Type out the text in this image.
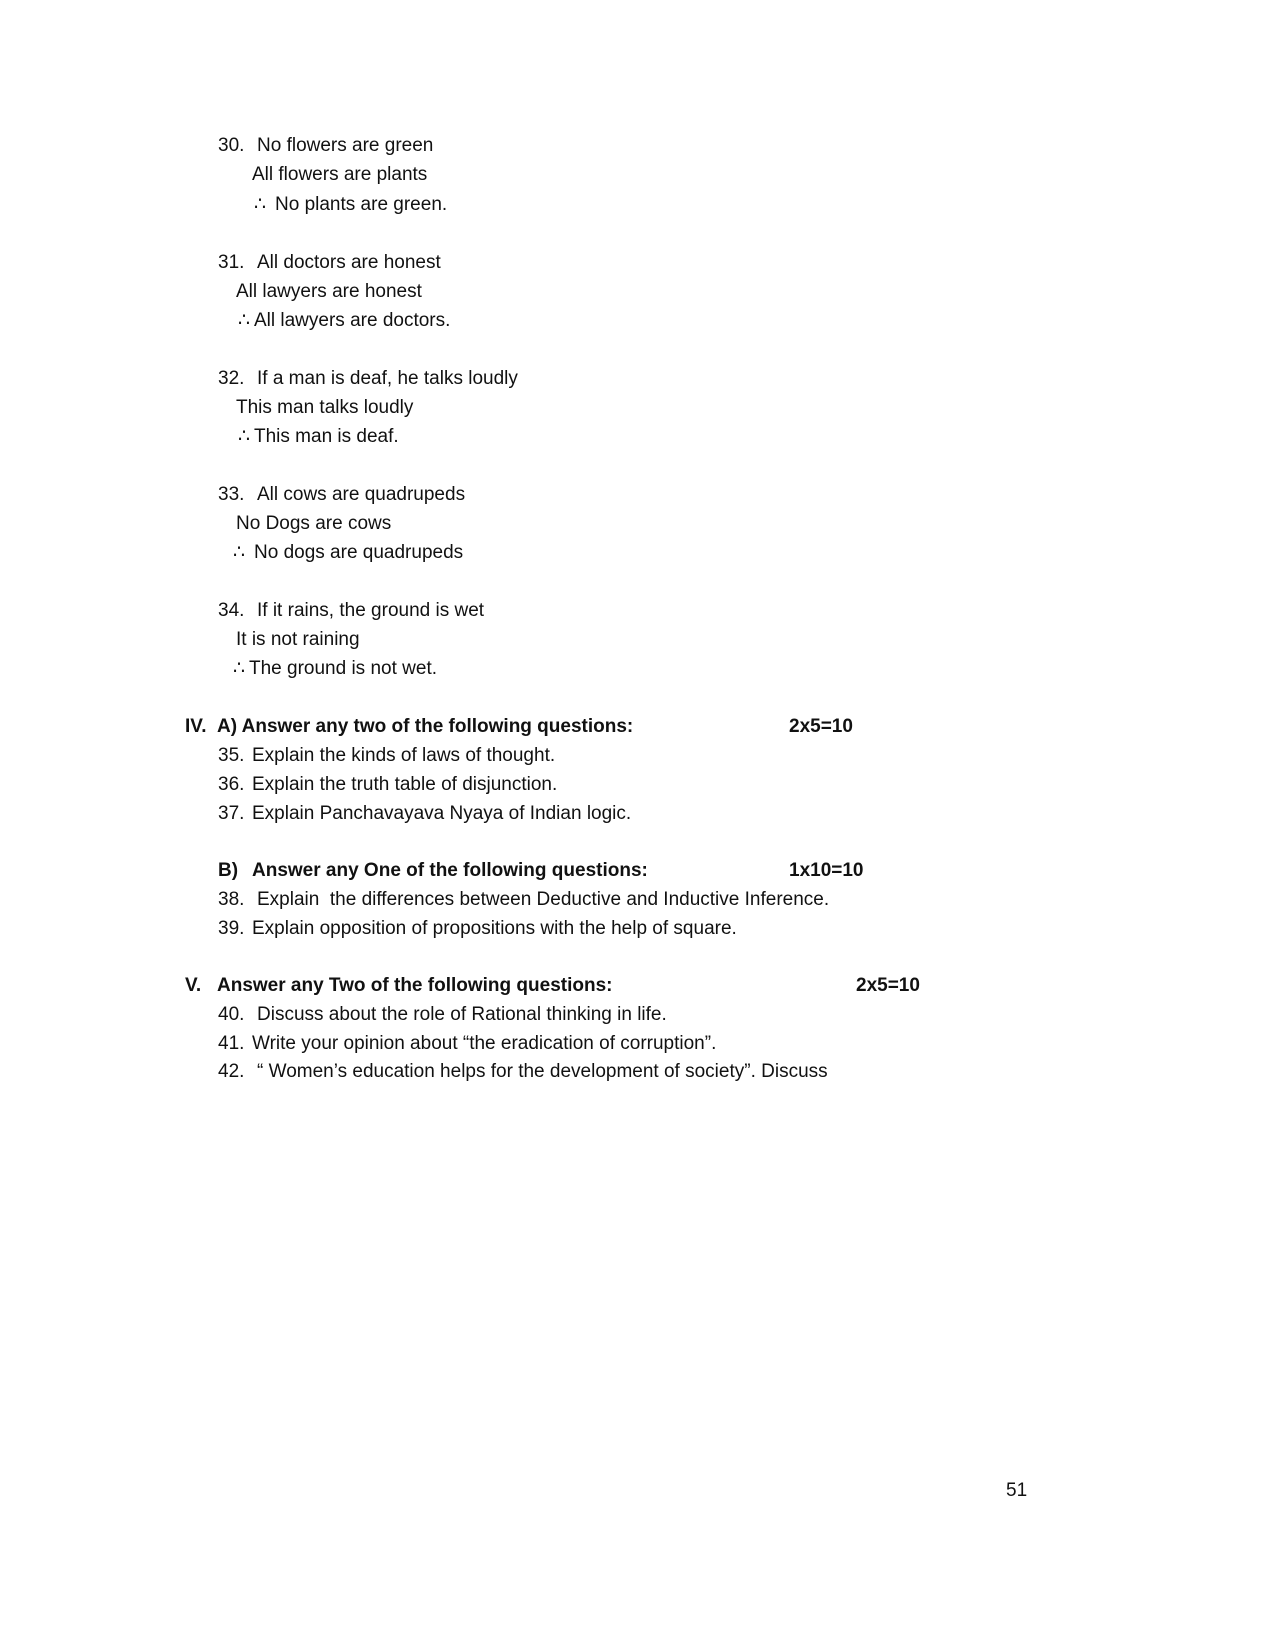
30. No flowers are green
All flowers are plants
∴ No plants are green.
31. All doctors are honest
All lawyers are honest
∴ All lawyers are doctors.
32. If a man is deaf, he talks loudly
This man talks loudly
∴ This man is deaf.
33. All cows are quadrupeds
No Dogs are cows
∴ No dogs are quadrupeds
34. If it rains, the ground is wet
It is not raining
∴ The ground is not wet.
IV. A) Answer any two of the following questions:	2x5=10
35. Explain the kinds of laws of thought.
36. Explain the truth table of disjunction.
37. Explain Panchavayava Nyaya of Indian logic.
B) Answer any One of the following questions:	1x10=10
38. Explain  the differences between Deductive and Inductive Inference.
39. Explain opposition of propositions with the help of square.
V. Answer any Two of the following questions:	2x5=10
40. Discuss about the role of Rational thinking in life.
41. Write your opinion about “the eradication of corruption”.
42. “ Women’s education helps for the development of society”. Discuss
51
